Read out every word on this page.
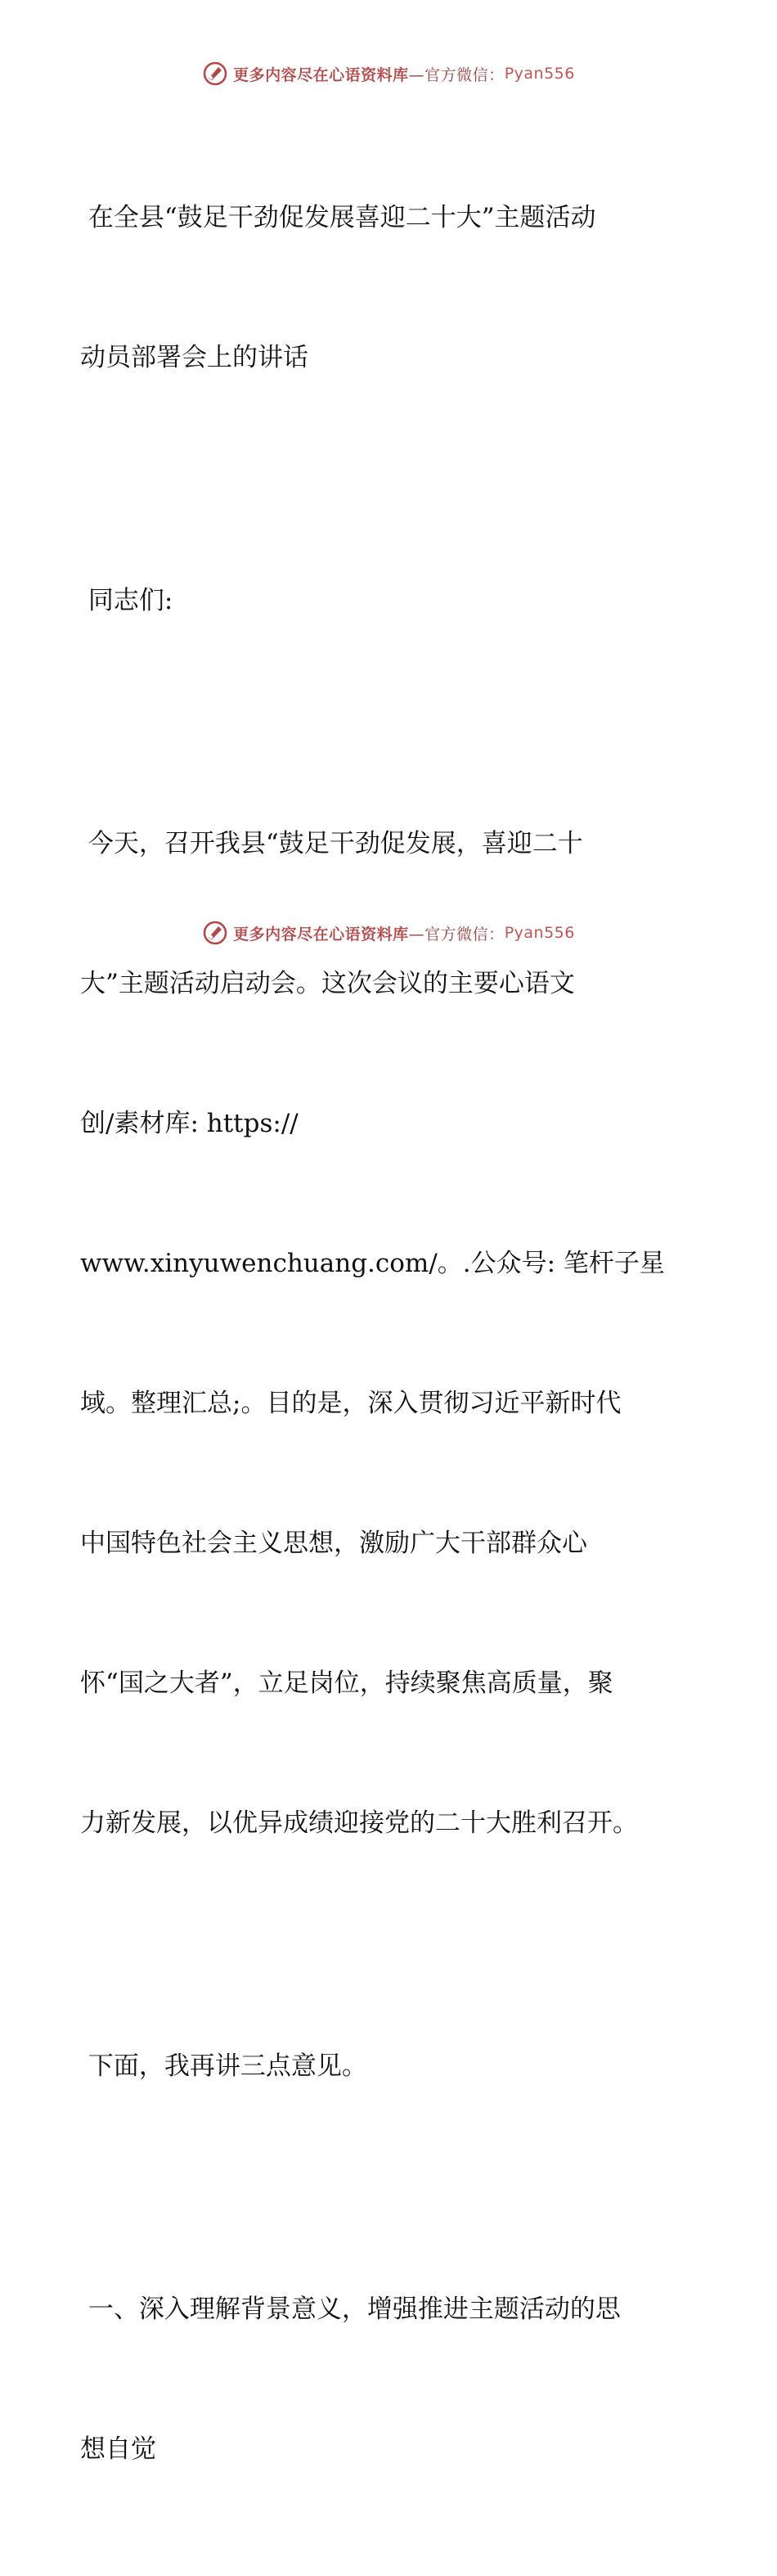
更多内容尽在心语资料库 —官方微信： Pyan556

在全县“鼓足干劲促发展喜迎二十大”主题活动

动员部署会上的讲话

同志们:

今天，召开我县“鼓足干劲促发展，喜迎二十

大”主题活动启动会。这次会议的主要心语文

创/素材库: https://

www.xinyuwenchuang.com/。.公众号: 笔杆子星

域。整理汇总;。目的是，深入贯彻习近平新时代

中国特色社会主义思想，激励广大干部群众心

怀“国之大者”，立足岗位，持续聚焦高质量，聚

力新发展，以优异成绩迎接党的二十大胜利召开。

下面，我再讲三点意见。

一、深入理解背景意义，增强推进主题活动的思

想自觉

更多内容尽在心语资料库 —官方微信： Pyan556
